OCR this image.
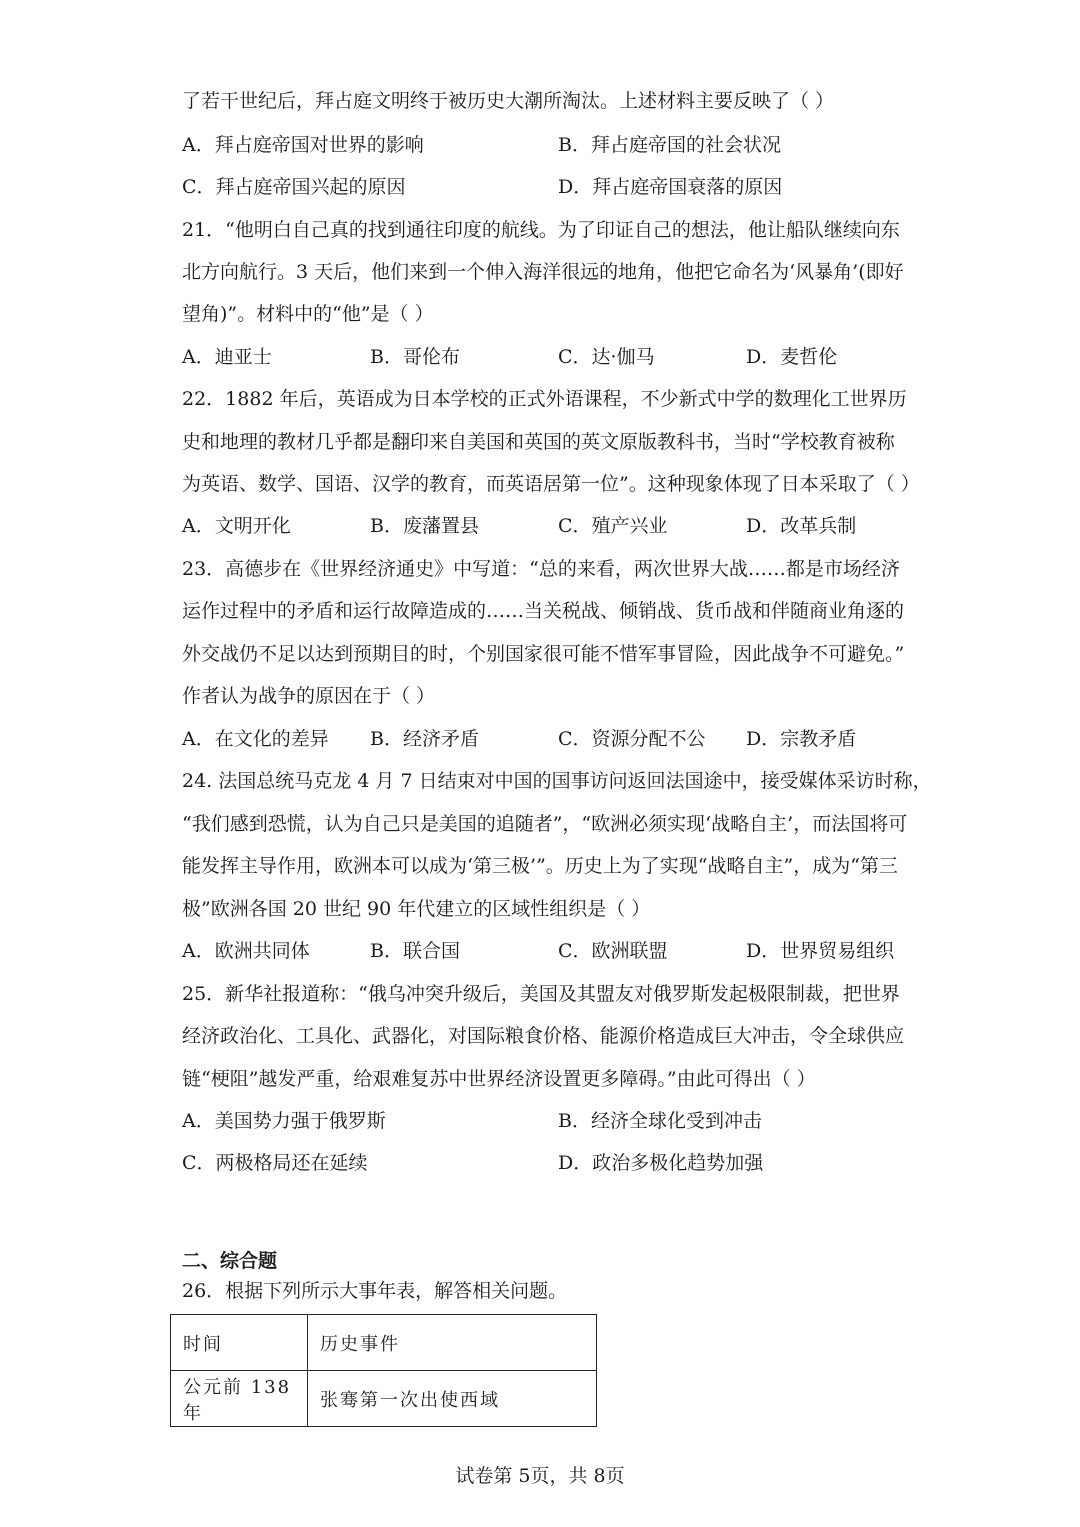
了若干世纪后，拜占庭文明终于被历史大潮所淘汰。上述材料主要反映了（ ）
A．拜占庭帝国对世界的影响	B．拜占庭帝国的社会状况
C．拜占庭帝国兴起的原因	D．拜占庭帝国衰落的原因
21．“他明白自己真的找到通往印度的航线。为了印证自己的想法，他让船队继续向东
北方向航行。3 天后，他们来到一个伸入海洋很远的地角，他把它命名为‘风暴角’(即好
望角)”。材料中的“他”是（ ）
A．迪亚士	B．哥伦布	C．达·伽马	D．麦哲伦
22．1882 年后，英语成为日本学校的正式外语课程，不少新式中学的数理化工世界历
史和地理的教材几乎都是翻印来自美国和英国的英文原版教科书，当时“学校教育被称
为英语、数学、国语、汉学的教育，而英语居第一位”。这种现象体现了日本采取了（ ）
A．文明开化	B．废藩置县	C．殖产兴业	D．改革兵制
23．高德步在《世界经济通史》中写道：“总的来看，两次世界大战……都是市场经济
运作过程中的矛盾和运行故障造成的……当关税战、倾销战、货币战和伴随商业角逐的
外交战仍不足以达到预期目的时，个别国家很可能不惜军事冒险，因此战争不可避免。”
作者认为战争的原因在于（ ）
A．在文化的差异 B．经济矛盾	C．资源分配不公 D．宗教矛盾
24. 法国总统马克龙 4 月 7 日结束对中国的国事访问返回法国途中，接受媒体采访时称，
“我们感到恐慌，认为自己只是美国的追随者”，“欧洲必须实现‘战略自主’，而法国将可
能发挥主导作用，欧洲本可以成为‘第三极’”。历史上为了实现“战略自主”，成为“第三
极”欧洲各国 20 世纪 90 年代建立的区域性组织是（ ）
A．欧洲共同体	B．联合国	C．欧洲联盟	D．世界贸易组织
25．新华社报道称：“俄乌冲突升级后，美国及其盟友对俄罗斯发起极限制裁，把世界
经济政治化、工具化、武器化，对国际粮食价格、能源价格造成巨大冲击，令全球供应
链“梗阻”越发严重，给艰难复苏中世界经济设置更多障碍。”由此可得出（ ）
A．美国势力强于俄罗斯	B．经济全球化受到冲击
C．两极格局还在延续	D．政治多极化趋势加强
二、综合题
26．根据下列所示大事年表，解答相关问题。
时间	历史事件
公元前 138 年	张骞第一次出使西域
试卷第 5页，共 8页
